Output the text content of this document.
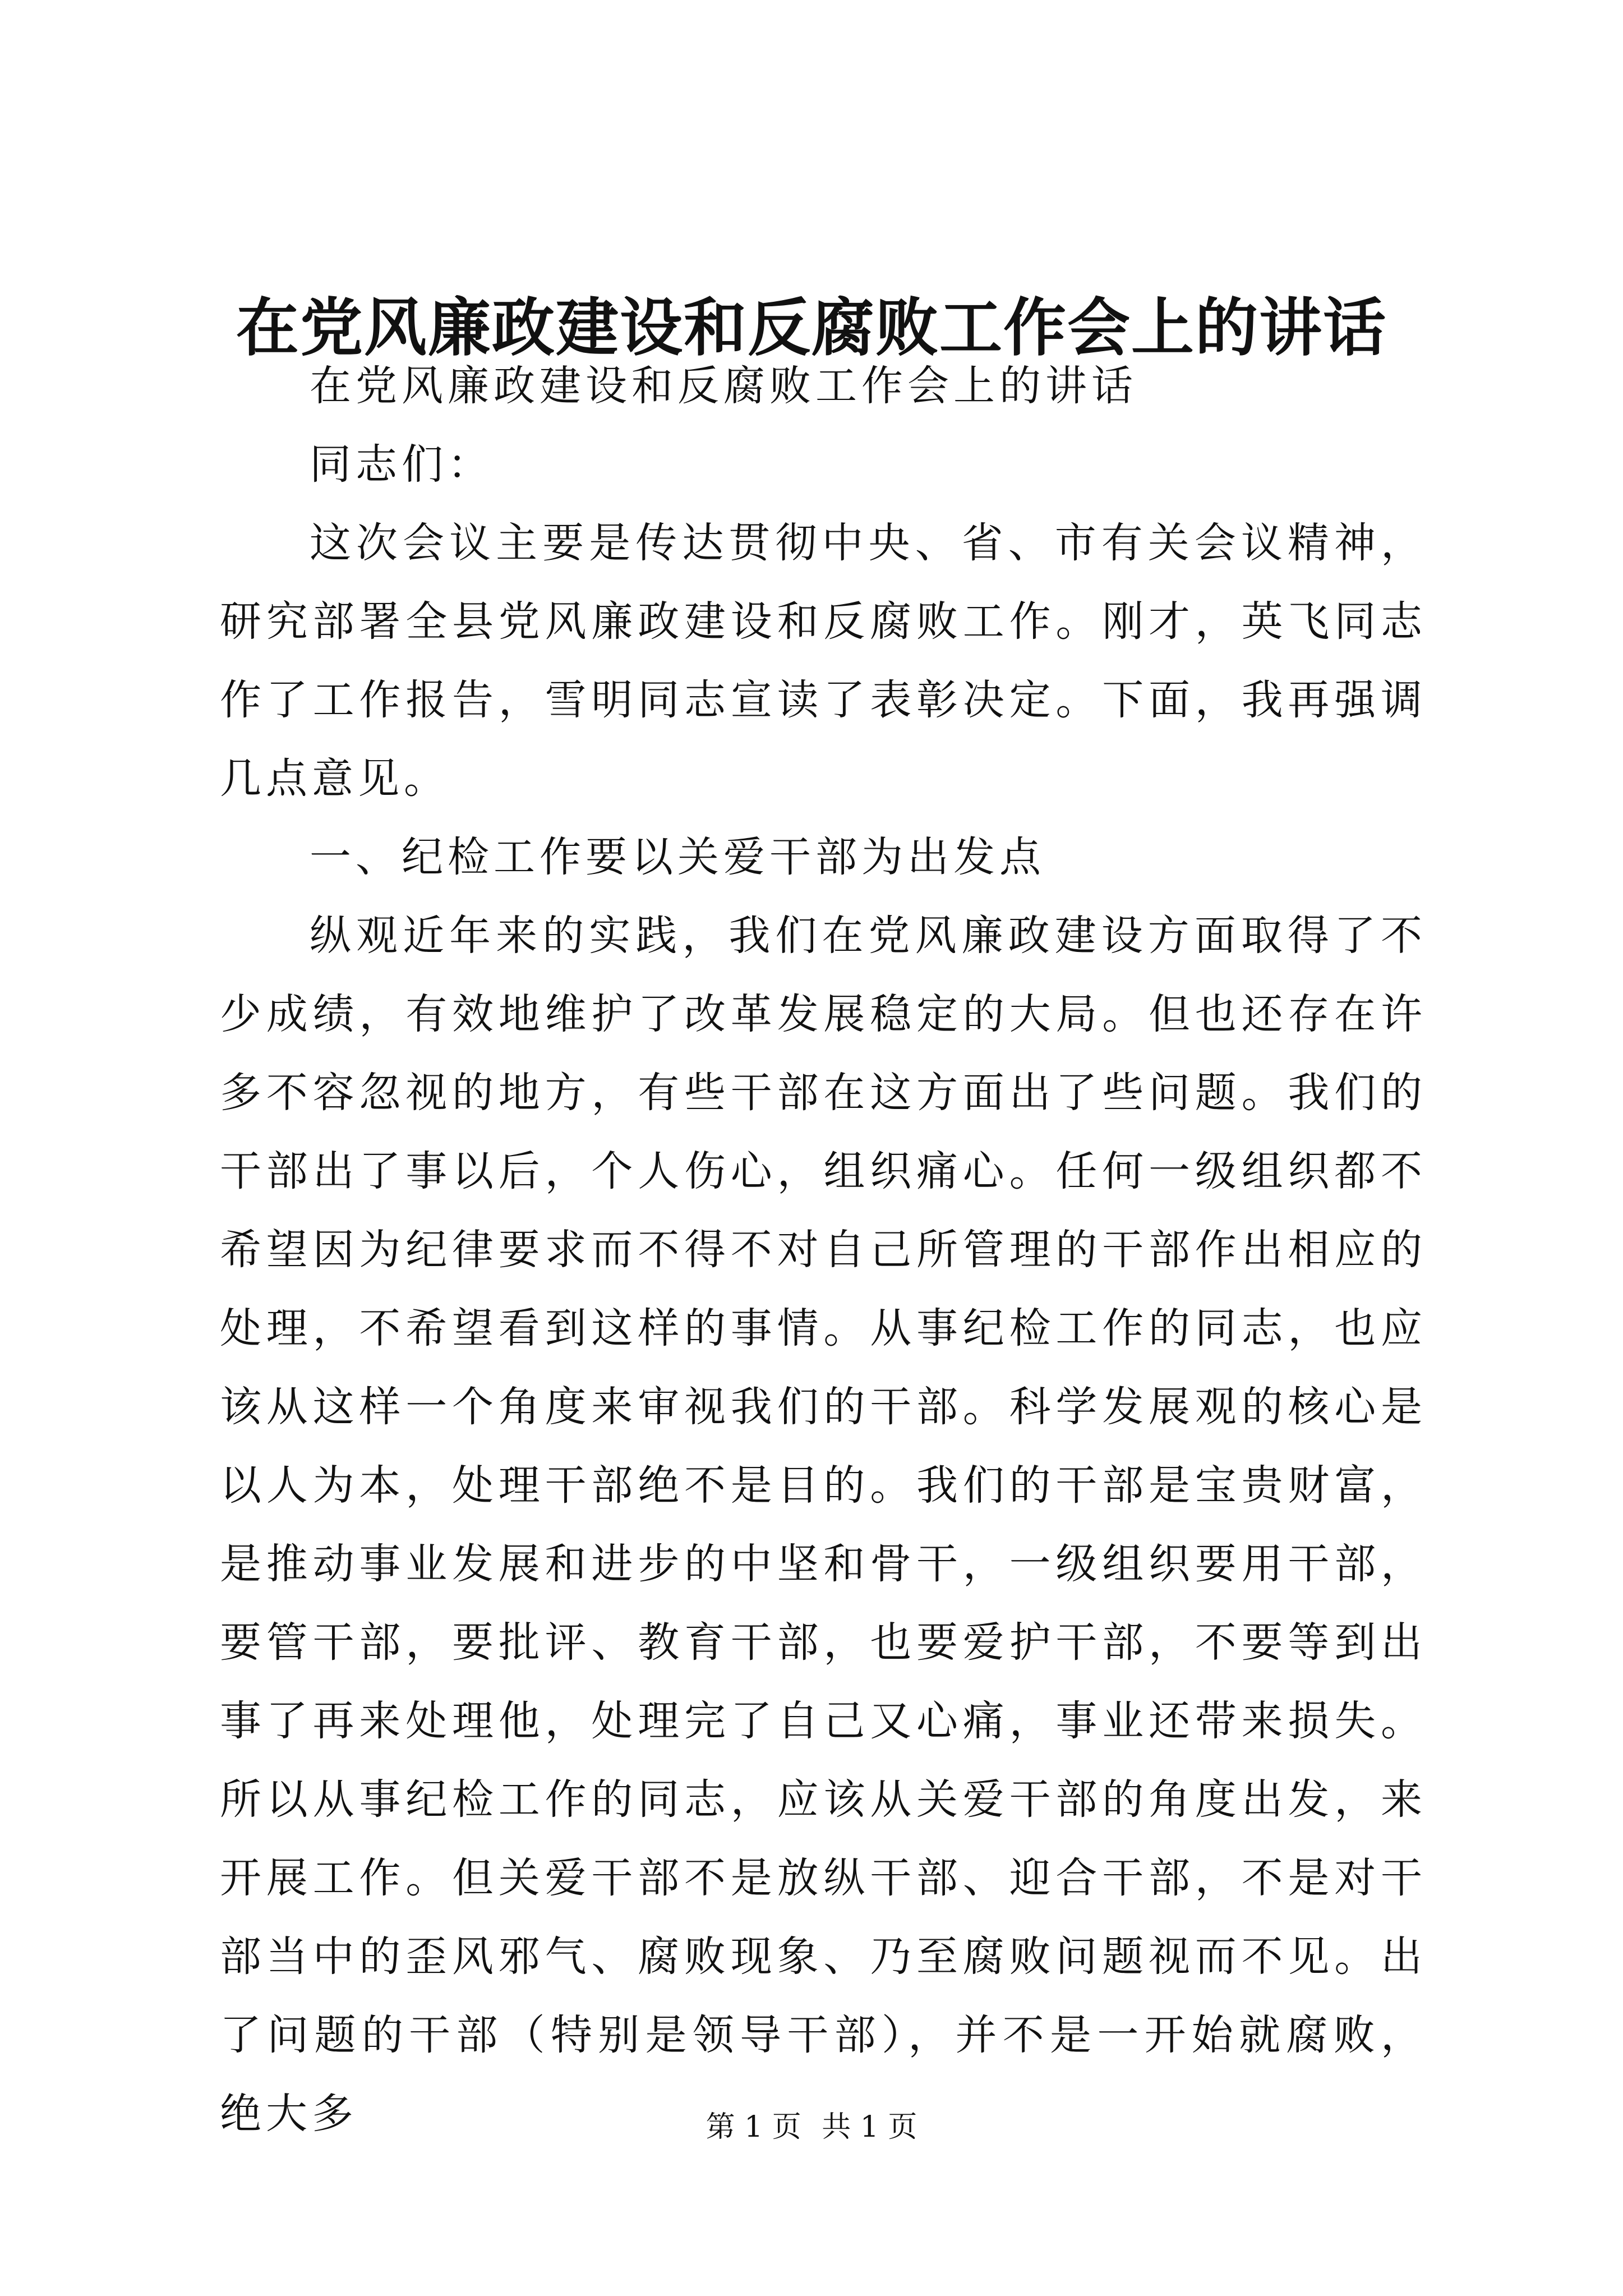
在党风廉政建设和反腐败工作会上的讲话

在党风廉政建设和反腐败工作会上的讲话

同志们：

这次会议主要是传达贯彻中央、省、市有关会议精神，研究部署全县党风廉政建设和反腐败工作。刚才，英飞同志作了工作报告，雪明同志宣读了表彰决定。下面，我再强调几点意见。

一、纪检工作要以关爱干部为出发点

纵观近年来的实践，我们在党风廉政建设方面取得了不少成绩，有效地维护了改革发展稳定的大局。但也还存在许多不容忽视的地方，有些干部在这方面出了些问题。我们的干部出了事以后，个人伤心，组织痛心。任何一级组织都不希望因为纪律要求而不得不对自己所管理的干部作出相应的处理，不希望看到这样的事情。从事纪检工作的同志，也应该从这样一个角度来审视我们的干部。科学发展观的核心是以人为本，处理干部绝不是目的。我们的干部是宝贵财富，是推动事业发展和进步的中坚和骨干，一级组织要用干部，要管干部，要批评、教育干部，也要爱护干部，不要等到出事了再来处理他，处理完了自己又心痛，事业还带来损失。所以从事纪检工作的同志，应该从关爱干部的角度出发，来开展工作。但关爱干部不是放纵干部、迎合干部，不是对干部当中的歪风邪气、腐败现象、乃至腐败问题视而不见。出了问题的干部（特别是领导干部），并不是一开始就腐败，绝大多	第 1 页 共 1 页
